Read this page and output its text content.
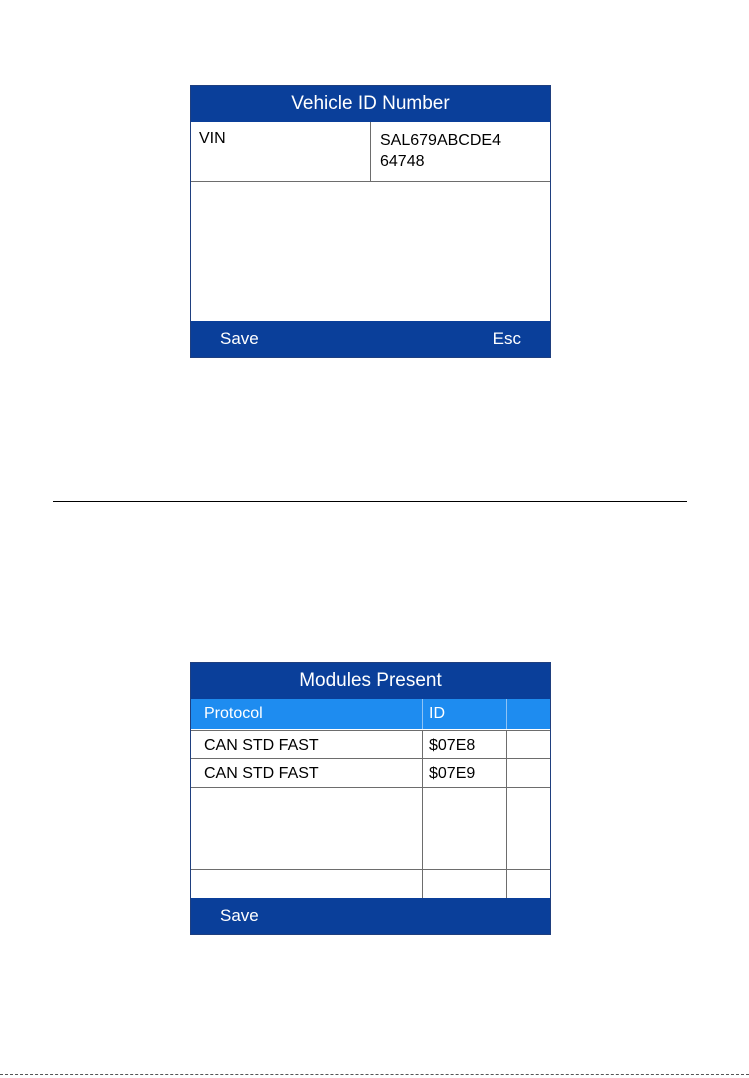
Vehicle ID Number
VIN	SAL679ABCDE4
64748
Save	Esc
Modules Present
Protocol	ID
CAN STD FAST	$07E8
CAN STD FAST	$07E9
Save
